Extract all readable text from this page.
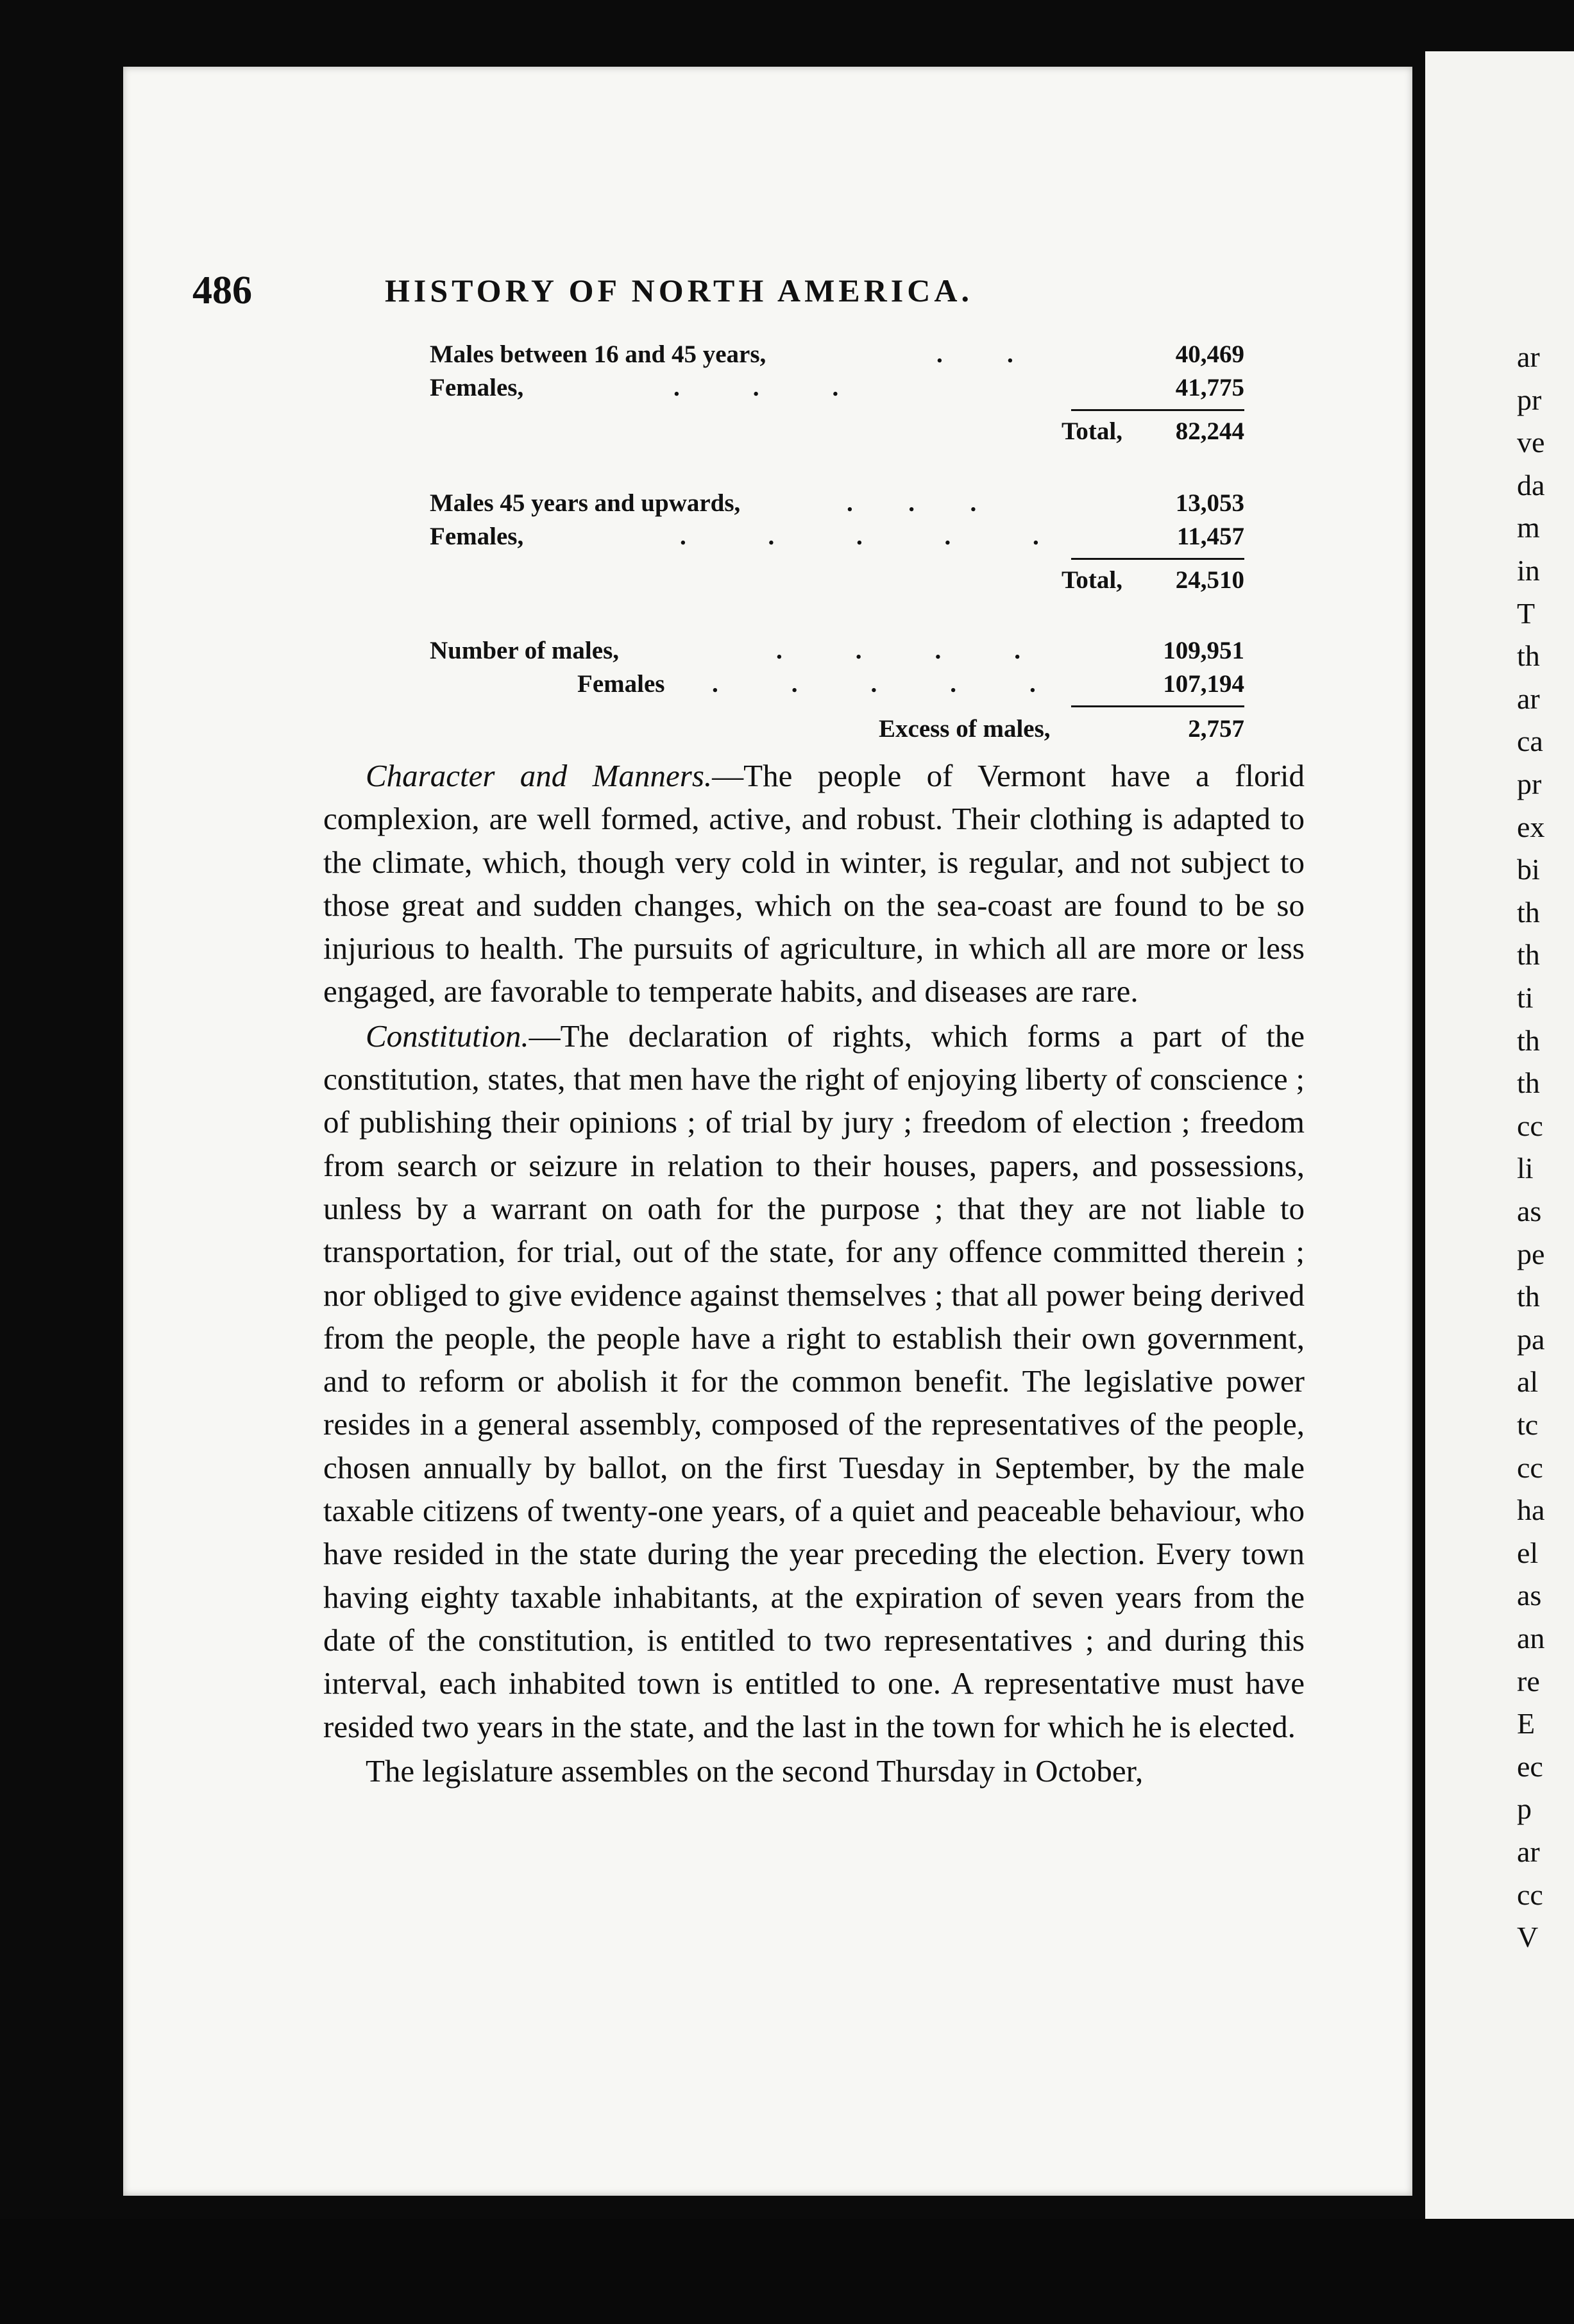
486	HISTORY OF NORTH AMERICA.
Males between 16 and 45 years,	.       .	40,469
Females,	.        .        .	41,775
Total, 82,244
Males 45 years and upwards,	.      .      .	13,053
Females,	.         .         .         .         .	11,457
Total, 24,510
Number of males,	.        .        .        .	109,951
Females .        .        .        .        .	107,194
Excess of males,	2,757

Character and Manners.—The people of Vermont have a florid complexion, are well formed, active, and robust. Their clothing is adapted to the climate, which, though very cold in winter, is regular, and not subject to those great and sudden changes, which on the sea-coast are found to be so injurious to health. The pursuits of agriculture, in which all are more or less engaged, are favorable to temperate habits, and diseases are rare.

Constitution.—The declaration of rights, which forms a part of the constitution, states, that men have the right of enjoying liberty of conscience ; of publishing their opinions ; of trial by jury ; freedom of election ; freedom from search or seizure in relation to their houses, papers, and possessions, unless by a warrant on oath for the purpose ; that they are not liable to transportation, for trial, out of the state, for any offence committed therein ; nor obliged to give evidence against themselves ; that all power being derived from the people, the people have a right to establish their own government, and to reform or abolish it for the common benefit. The legislative power resides in a general assembly, composed of the representatives of the people, chosen annually by ballot, on the first Tuesday in September, by the male taxable citizens of twenty-one years, of a quiet and peaceable behaviour, who have resided in the state during the year preceding the election. Every town having eighty taxable inhabitants, at the expiration of seven years from the date of the constitution, is entitled to two representatives ; and during this interval, each inhabited town is entitled to one. A representative must have resided two years in the state, and the last in the town for which he is elected.

The legislature assembles on the second Thursday in October,

ar
pr
ve
da
m
in
T
th
ar
ca
pr
ex
bi
th
th
ti
th
th
cc
li
as
pe
th
pa
al
tc
cc
ha
el
as
an
re
E
ec
p
ar
cc
V
